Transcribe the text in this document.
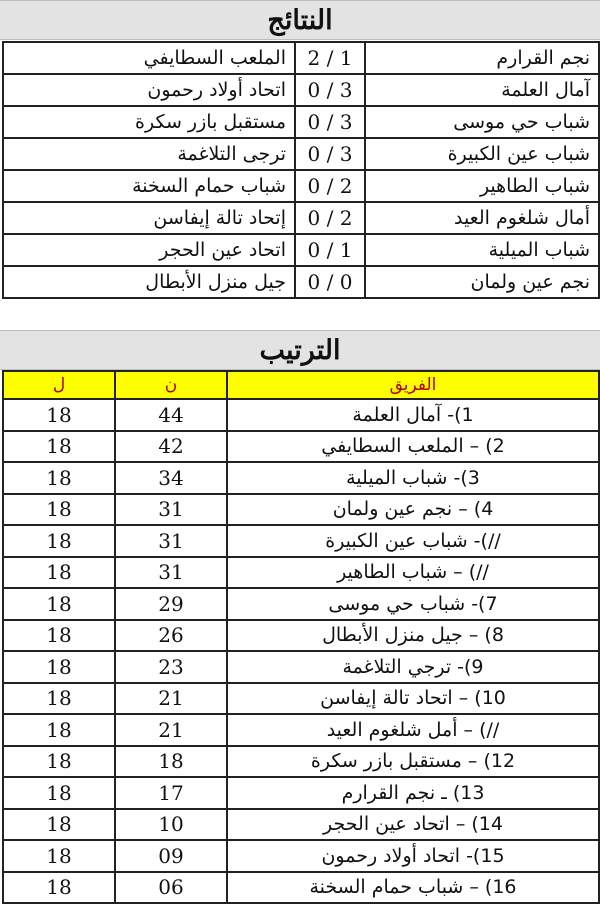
النتائج
الملعب السطايفي	2 / 1	نجم القرارم
اتحاد أولاد رحمون	0 / 3	آمال العلمة
مستقبل بازر سكرة	0 / 3	شباب حي موسى
ترجى التلاغمة	0 / 3	شباب عين الكبيرة
شباب حمام السخنة	0 / 2	شباب الطاهير
إتحاد تالة إيفاسن	0 / 2	أمال شلغوم العيد
اتحاد عين الحجر	0 / 1	شباب الميلية
جيل منزل الأبطال	0 / 0	نجم عين ولمان
الترتيب
ل	ن	الفريق
18	44	1)- آمال العلمة
18	42	2) – الملعب السطايفي
18	34	3)- شباب الميلية
18	31	4) – نجم عين ولمان
18	31	//)- شباب عين الكبيرة
18	31	//) – شباب الطاهير
18	29	7)- شباب حي موسى
18	26	8) – جيل منزل الأبطال
18	23	9)- ترجي التلاغمة
18	21	10) – اتحاد تالة إيفاسن
18	21	//) – أمل شلغوم العيد
18	18	12) – مستقبل بازر سكرة
18	17	13) ـ نجم القرارم
18	10	14) – اتحاد عين الحجر
18	09	15)- اتحاد أولاد رحمون
18	06	16) – شباب حمام السخنة
